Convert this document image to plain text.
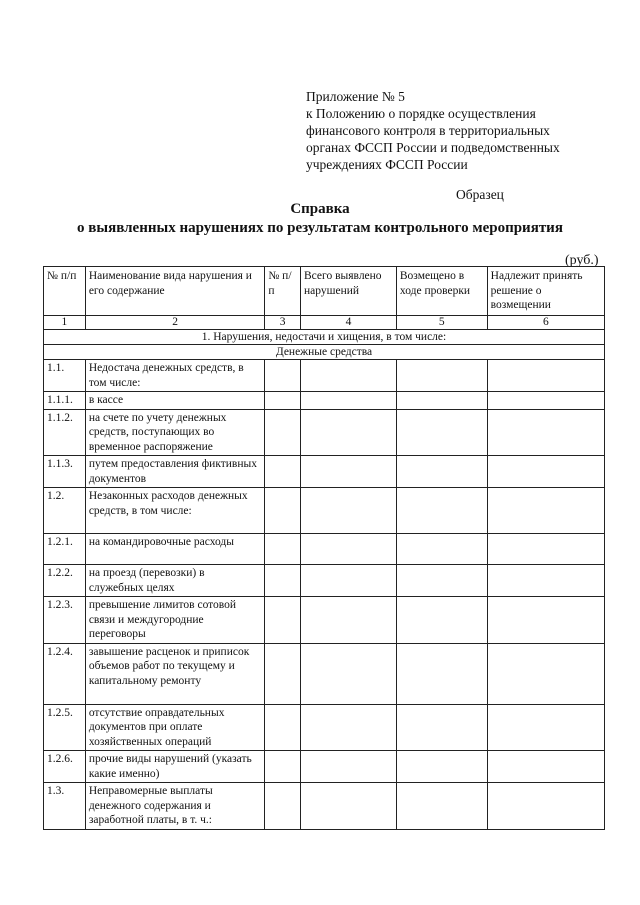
Приложение № 5
к Положению о порядке осуществления
финансового контроля в территориальных
органах ФССП России и подведомственных
учреждениях ФССП России
Образец
Справка
о выявленных нарушениях по результатам контрольного мероприятия
(руб.)
№ п/п	Наименование вида нарушения и его содержание	№ п/п	Всего выявлено нарушений	Возмещено в ходе проверки	Надлежит принять решение о возмещении
1	2	3	4	5	6
1. Нарушения, недостачи и хищения, в том числе:					
Денежные средства					
1.1.	Недостача денежных средств, в том числе:				
1.1.1.	в кассе				
1.1.2.	на счете по учету денежных средств, поступающих во временное распоряжение				
1.1.3.	путем предоставления фиктивных документов				
1.2.	Незаконных расходов денежных средств, в том числе:				
1.2.1.	на командировочные расходы				
1.2.2.	на проезд (перевозки) в служебных целях				
1.2.3.	превышение лимитов сотовой связи и междугородние переговоры				
1.2.4.	завышение расценок и приписок объемов работ по текущему и капитальному ремонту				
1.2.5.	отсутствие оправдательных документов при оплате хозяйственных операций				
1.2.6.	прочие виды нарушений (указать какие именно)				
1.3.	Неправомерные выплаты денежного содержания и заработной платы, в т. ч.:				
